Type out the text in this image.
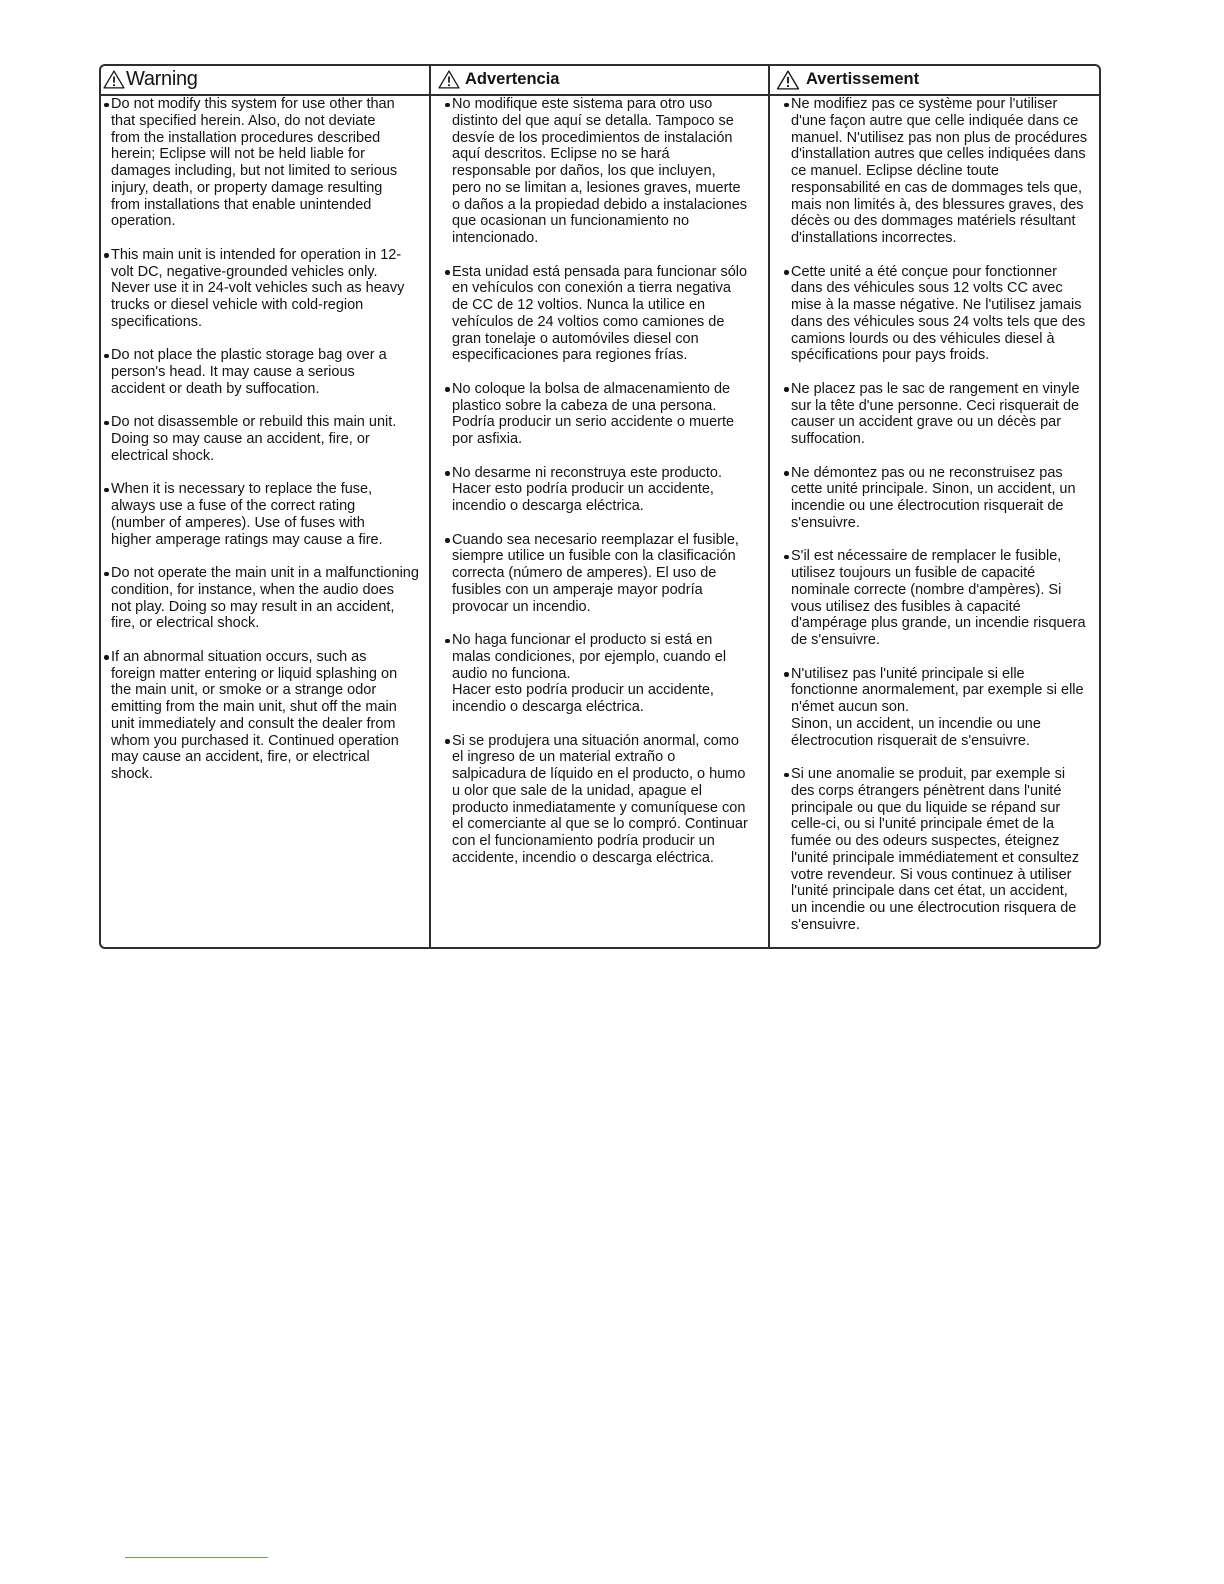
Warning	Advertencia	Avertissement
Do not modify this system for use other than
that specified herein. Also, do not deviate
from the installation procedures described
herein; Eclipse will not be held liable for
damages including, but not limited to serious
injury, death, or property damage resulting
from installations that enable unintended
operation.
This main unit is intended for operation in 12-
volt DC, negative-grounded vehicles only.
Never use it in 24-volt vehicles such as heavy
trucks or diesel vehicle with cold-region
specifications.
Do not place the plastic storage bag over a
person's head. It may cause a serious
accident or death by suffocation.
Do not disassemble or rebuild this main unit.
Doing so may cause an accident, fire, or
electrical shock.
When it is necessary to replace the fuse,
always use a fuse of the correct rating
(number of amperes). Use of fuses with
higher amperage ratings may cause a fire.
Do not operate the main unit in a malfunctioning
condition, for instance, when the audio does
not play. Doing so may result in an accident,
fire, or electrical shock.
If an abnormal situation occurs, such as
foreign matter entering or liquid splashing on
the main unit, or smoke or a strange odor
emitting from the main unit, shut off the main
unit immediately and consult the dealer from
whom you purchased it. Continued operation
may cause an accident, fire, or electrical
shock.
No modifique este sistema para otro uso
distinto del que aquí se detalla. Tampoco se
desvíe de los procedimientos de instalación
aquí descritos. Eclipse no se hará
responsable por daños, los que incluyen,
pero no se limitan a, lesiones graves, muerte
o daños a la propiedad debido a instalaciones
que ocasionan un funcionamiento no
intencionado.
Esta unidad está pensada para funcionar sólo
en vehículos con conexión a tierra negativa
de CC de 12 voltios. Nunca la utilice en
vehículos de 24 voltios como camiones de
gran tonelaje o automóviles diesel con
especificaciones para regiones frías.
No coloque la bolsa de almacenamiento de
plastico sobre la cabeza de una persona.
Podría producir un serio accidente o muerte
por asfixia.
No desarme ni reconstruya este producto.
Hacer esto podría producir un accidente,
incendio o descarga eléctrica.
Cuando sea necesario reemplazar el fusible,
siempre utilice un fusible con la clasificación
correcta (número de amperes). El uso de
fusibles con un amperaje mayor podría
provocar un incendio.
No haga funcionar el producto si está en
malas condiciones, por ejemplo, cuando el
audio no funciona.
Hacer esto podría producir un accidente,
incendio o descarga eléctrica.
Si se produjera una situación anormal, como
el ingreso de un material extraño o
salpicadura de líquido en el producto, o humo
u olor que sale de la unidad, apague el
producto inmediatamente y comuníquese con
el comerciante al que se lo compró. Continuar
con el funcionamiento podría producir un
accidente, incendio o descarga eléctrica.
Ne modifiez pas ce système pour l'utiliser
d'une façon autre que celle indiquée dans ce
manuel. N'utilisez pas non plus de procédures
d'installation autres que celles indiquées dans
ce manuel. Eclipse décline toute
responsabilité en cas de dommages tels que,
mais non limités à, des blessures graves, des
décès ou des dommages matériels résultant
d'installations incorrectes.
Cette unité a été conçue pour fonctionner
dans des véhicules sous 12 volts CC avec
mise à la masse négative. Ne l'utilisez jamais
dans des véhicules sous 24 volts tels que des
camions lourds ou des véhicules diesel à
spécifications pour pays froids.
Ne placez pas le sac de rangement en vinyle
sur la tête d'une personne. Ceci risquerait de
causer un accident grave ou un décès par
suffocation.
Ne démontez pas ou ne reconstruisez pas
cette unité principale. Sinon, un accident, un
incendie ou une électrocution risquerait de
s'ensuivre.
S'il est nécessaire de remplacer le fusible,
utilisez toujours un fusible de capacité
nominale correcte (nombre d'ampères). Si
vous utilisez des fusibles à capacité
d'ampérage plus grande, un incendie risquera
de s'ensuivre.
N'utilisez pas l'unité principale si elle
fonctionne anormalement, par exemple si elle
n'émet aucun son.
Sinon, un accident, un incendie ou une
électrocution risquerait de s'ensuivre.
Si une anomalie se produit, par exemple si
des corps étrangers pénètrent dans l'unité
principale ou que du liquide se répand sur
celle-ci, ou si l'unité principale émet de la
fumée ou des odeurs suspectes, éteignez
l'unité principale immédiatement et consultez
votre revendeur. Si vous continuez à utiliser
l'unité principale dans cet état, un accident,
un incendie ou une électrocution risquera de
s'ensuivre.
